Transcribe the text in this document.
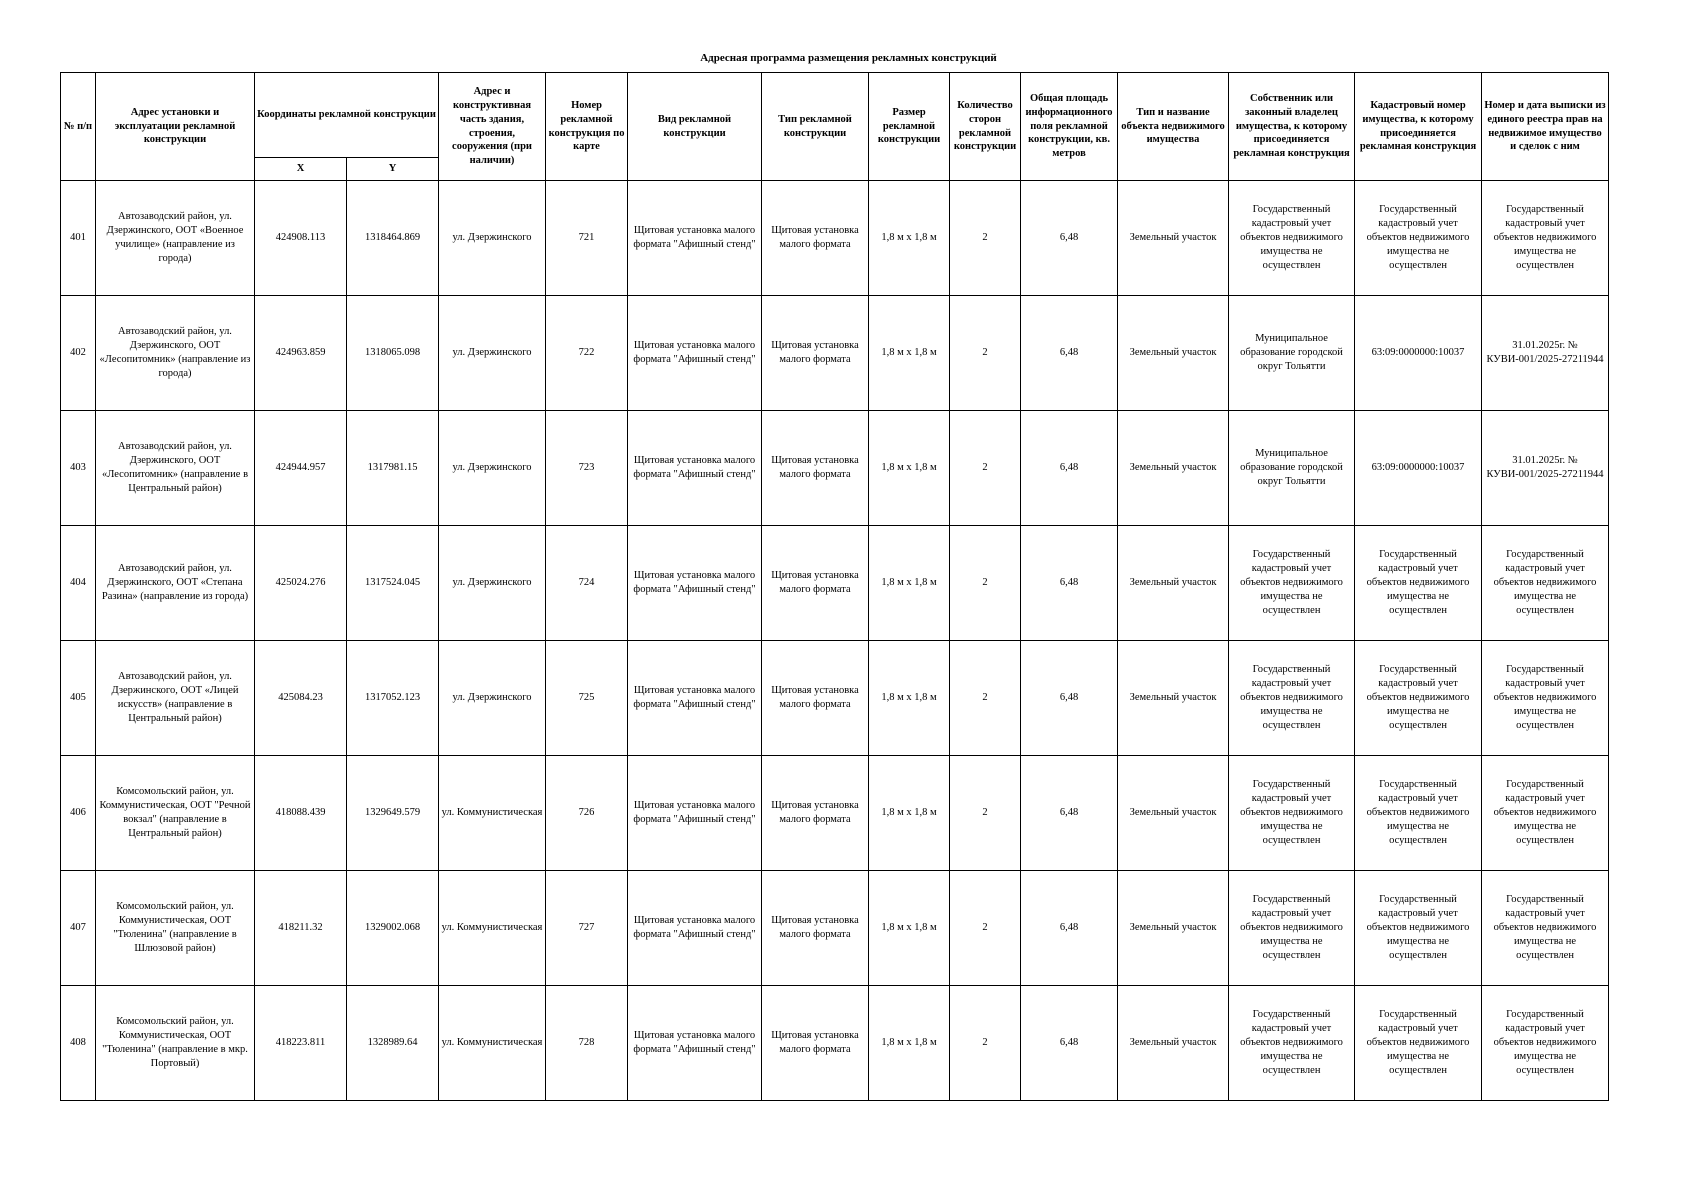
Адресная программа размещения рекламных конструкций
№ п/п	Адрес установки и эксплуатации рекламной конструкции	Координаты рекламной конструкции		Адрес и конструктивная часть здания, строения, сооружения (при наличии)	Номер рекламной конструкция по карте	Вид рекламной конструкции	Тип рекламной конструкции	Размер рекламной конструкции	Количество сторон рекламной конструкции	Общая площадь информационного поля рекламной конструкции, кв. метров	Тип и название объекта недвижимого имущества	Собственник или законный владелец имущества, к которому присоединяется рекламная конструкция	Кадастровый номер имущества, к которому присоединяется рекламная конструкция	Номер и дата выписки из единого реестра прав на недвижимое имущество и сделок с ним
		X	Y											
401	Автозаводский район, ул. Дзержинского, ООТ «Военное училище» (направление из города)	424908.113	1318464.869	ул. Дзержинского	721	Щитовая установка малого формата "Афишный стенд"	Щитовая установка малого формата	1,8 м х 1,8 м	2	6,48	Земельный участок	Государственный кадастровый учет объектов недвижимого имущества не осуществлен	Государственный кадастровый учет объектов недвижимого имущества не осуществлен	Государственный кадастровый учет объектов недвижимого имущества не осуществлен
402	Автозаводский район, ул. Дзержинского, ООТ «Лесопитомник» (направление из города)	424963.859	1318065.098	ул. Дзержинского	722	Щитовая установка малого формата "Афишный стенд"	Щитовая установка малого формата	1,8 м х 1,8 м	2	6,48	Земельный участок	Муниципальное образование городской округ Тольятти	63:09:0000000:10037	31.01.2025г. № КУВИ-001/2025-27211944
403	Автозаводский район, ул. Дзержинского, ООТ «Лесопитомник» (направление в Центральный район)	424944.957	1317981.15	ул. Дзержинского	723	Щитовая установка малого формата "Афишный стенд"	Щитовая установка малого формата	1,8 м х 1,8 м	2	6,48	Земельный участок	Муниципальное образование городской округ Тольятти	63:09:0000000:10037	31.01.2025г. № КУВИ-001/2025-27211944
404	Автозаводский район, ул. Дзержинского, ООТ «Степана Разина» (направление из города)	425024.276	1317524.045	ул. Дзержинского	724	Щитовая установка малого формата "Афишный стенд"	Щитовая установка малого формата	1,8 м х 1,8 м	2	6,48	Земельный участок	Государственный кадастровый учет объектов недвижимого имущества не осуществлен	Государственный кадастровый учет объектов недвижимого имущества не осуществлен	Государственный кадастровый учет объектов недвижимого имущества не осуществлен
405	Автозаводский район, ул. Дзержинского, ООТ «Лицей искусств» (направление в Центральный район)	425084.23	1317052.123	ул. Дзержинского	725	Щитовая установка малого формата "Афишный стенд"	Щитовая установка малого формата	1,8 м х 1,8 м	2	6,48	Земельный участок	Государственный кадастровый учет объектов недвижимого имущества не осуществлен	Государственный кадастровый учет объектов недвижимого имущества не осуществлен	Государственный кадастровый учет объектов недвижимого имущества не осуществлен
406	Комсомольский район, ул. Коммунистическая, ООТ "Речной вокзал" (направление в Центральный район)	418088.439	1329649.579	ул. Коммунистическая	726	Щитовая установка малого формата "Афишный стенд"	Щитовая установка малого формата	1,8 м х 1,8 м	2	6,48	Земельный участок	Государственный кадастровый учет объектов недвижимого имущества не осуществлен	Государственный кадастровый учет объектов недвижимого имущества не осуществлен	Государственный кадастровый учет объектов недвижимого имущества не осуществлен
407	Комсомольский район, ул. Коммунистическая, ООТ "Тюленина" (направление в Шлюзовой район)	418211.32	1329002.068	ул. Коммунистическая	727	Щитовая установка малого формата "Афишный стенд"	Щитовая установка малого формата	1,8 м х 1,8 м	2	6,48	Земельный участок	Государственный кадастровый учет объектов недвижимого имущества не осуществлен	Государственный кадастровый учет объектов недвижимого имущества не осуществлен	Государственный кадастровый учет объектов недвижимого имущества не осуществлен
408	Комсомольский район, ул. Коммунистическая, ООТ "Тюленина" (направление в мкр. Портовый)	418223.811	1328989.64	ул. Коммунистическая	728	Щитовая установка малого формата "Афишный стенд"	Щитовая установка малого формата	1,8 м х 1,8 м	2	6,48	Земельный участок	Государственный кадастровый учет объектов недвижимого имущества не осуществлен	Государственный кадастровый учет объектов недвижимого имущества не осуществлен	Государственный кадастровый учет объектов недвижимого имущества не осуществлен
